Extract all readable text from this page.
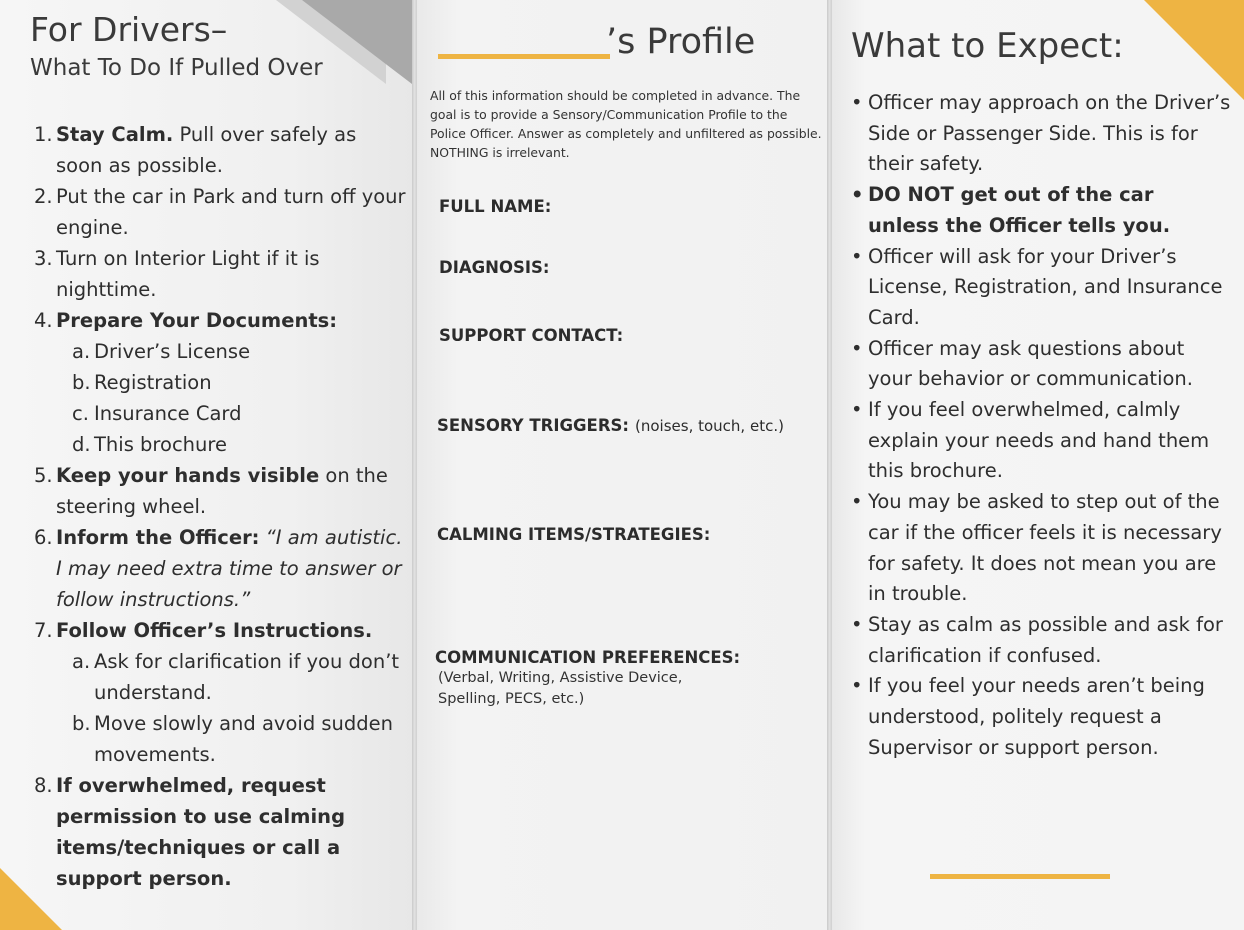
For Drivers–
What To Do If Pulled Over
1. Stay Calm. Pull over safely as soon as possible.
2. Put the car in Park and turn off your engine.
3. Turn on Interior Light if it is nighttime.
4. Prepare Your Documents:
a. Driver’s License
b. Registration
c. Insurance Card
d. This brochure
5. Keep your hands visible on the steering wheel.
6. Inform the Officer: “I am autistic. I may need extra time to answer or follow instructions.”
7. Follow Officer’s Instructions.
a. Ask for clarification if you don’t understand.
b. Move slowly and avoid sudden movements.
8. If overwhelmed, request permission to use calming items/techniques or call a support person.
’s Profile
All of this information should be completed in advance. The goal is to provide a Sensory/Communication Profile to the Police Officer. Answer as completely and unfiltered as possible. NOTHING is irrelevant.
FULL NAME:
DIAGNOSIS:
SUPPORT CONTACT:
SENSORY TRIGGERS: (noises, touch, etc.)
CALMING ITEMS/STRATEGIES:
COMMUNICATION PREFERENCES:
(Verbal, Writing, Assistive Device, Spelling, PECS, etc.)
What to Expect:
• Officer may approach on the Driver’s Side or Passenger Side. This is for their safety.
• DO NOT get out of the car unless the Officer tells you.
• Officer will ask for your Driver’s License, Registration, and Insurance Card.
• Officer may ask questions about your behavior or communication.
• If you feel overwhelmed, calmly explain your needs and hand them this brochure.
• You may be asked to step out of the car if the officer feels it is necessary for safety. It does not mean you are in trouble.
• Stay as calm as possible and ask for clarification if confused.
• If you feel your needs aren’t being understood, politely request a Supervisor or support person.
